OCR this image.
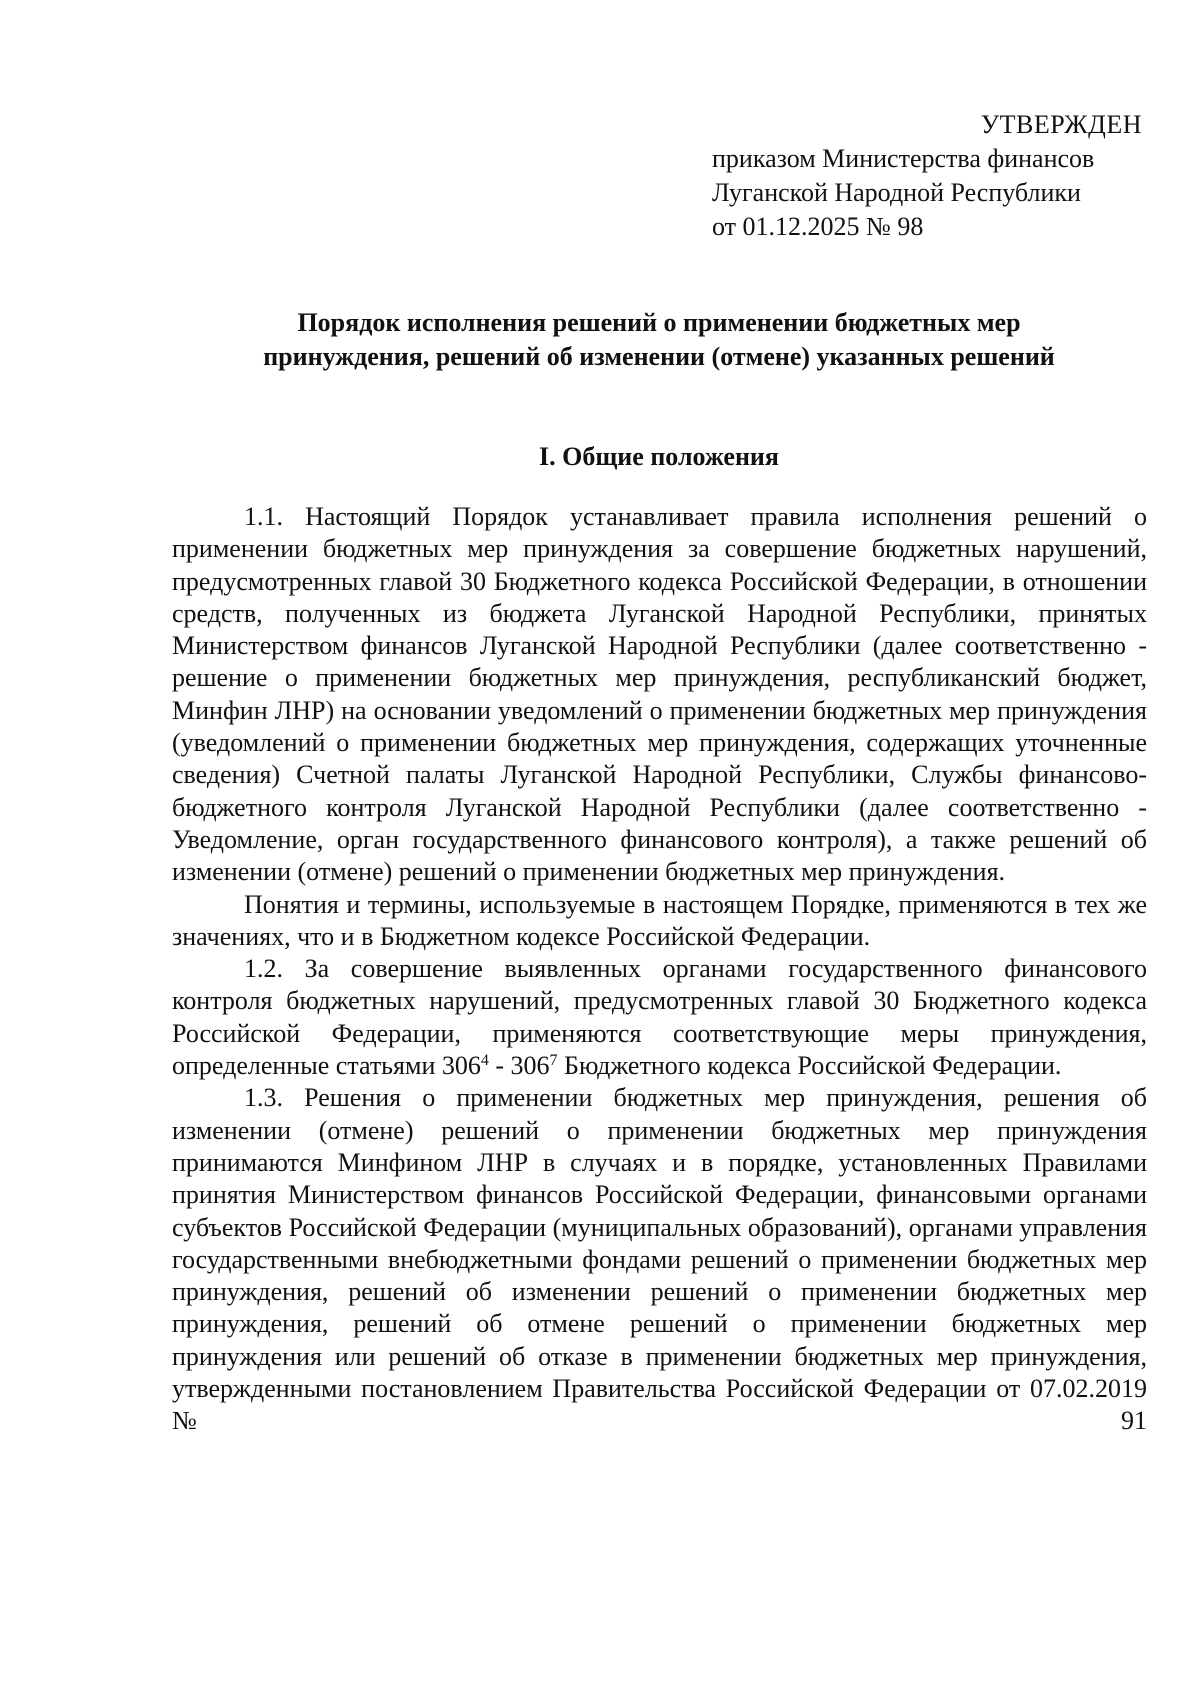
УТВЕРЖДЕН
приказом Министерства финансов
Луганской Народной Республики
от 01.12.2025 № 98
Порядок исполнения решений о применении бюджетных мер
принуждения, решений об изменении (отмене) указанных решений
I. Общие положения

1.1. Настоящий Порядок устанавливает правила исполнения решений о применении бюджетных мер принуждения за совершение бюджетных нарушений, предусмотренных главой 30 Бюджетного кодекса Российской Федерации, в отношении средств, полученных из бюджета Луганской Народной Республики, принятых Министерством финансов Луганской Народной Республики (далее соответственно - решение о применении бюджетных мер принуждения, республиканский бюджет, Минфин ЛНР) на основании уведомлений о применении бюджетных мер принуждения (уведомлений о применении бюджетных мер принуждения, содержащих уточненные сведения) Счетной палаты Луганской Народной Республики, Службы финансово-бюджетного контроля Луганской Народной Республики (далее соответственно - Уведомление, орган государственного финансового контроля), а также решений об изменении (отмене) решений о применении бюджетных мер принуждения.

Понятия и термины, используемые в настоящем Порядке, применяются в тех же значениях, что и в Бюджетном кодексе Российской Федерации.

1.2. За совершение выявленных органами государственного финансового контроля бюджетных нарушений, предусмотренных главой 30 Бюджетного кодекса Российской Федерации, применяются соответствующие меры принуждения, определенные статьями $306^4 - 306^7$ Бюджетного кодекса Российской Федерации.

1.3. Решения о применении бюджетных мер принуждения, решения об изменении (отмене) решений о применении бюджетных мер принуждения принимаются Минфином ЛНР в случаях и в порядке, установленных Правилами принятия Министерством финансов Российской Федерации, финансовыми органами субъектов Российской Федерации (муниципальных образований), органами управления государственными внебюджетными фондами решений о применении бюджетных мер принуждения, решений об изменении решений о применении бюджетных мер принуждения, решений об отмене решений о применении бюджетных мер принуждения или решений об отказе в применении бюджетных мер принуждения, утвержденными постановлением Правительства Российской Федерации от 07.02.2019 № 91
